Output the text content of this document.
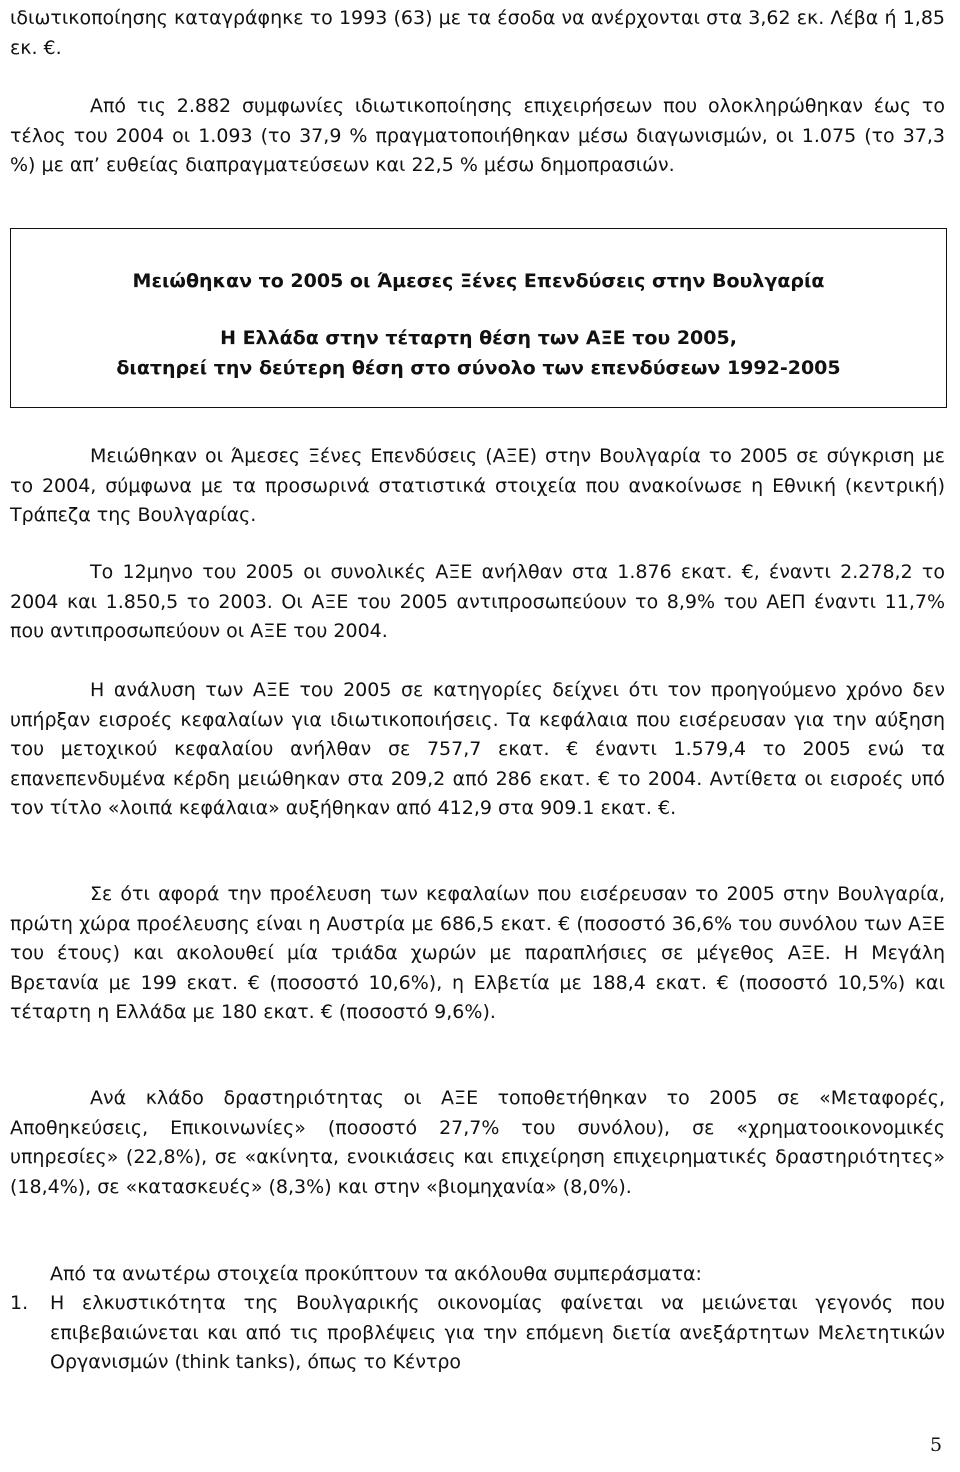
ιδιωτικοποίησης καταγράφηκε το 1993 (63) με τα έσοδα να ανέρχονται στα 3,62 εκ. Λέβα ή 1,85 εκ. €.

Από τις 2.882 συμφωνίες ιδιωτικοποίησης επιχειρήσεων που ολοκληρώθηκαν έως το τέλος του 2004 οι 1.093 (το 37,9 % πραγματοποιήθηκαν μέσω διαγωνισμών, οι 1.075 (το 37,3 %) με απ’ ευθείας διαπραγματεύσεων και 22,5 % μέσω δημοπρασιών.

Μειώθηκαν το 2005 οι Άμεσες Ξένες Επενδύσεις στην Βουλγαρία
Η Ελλάδα στην τέταρτη θέση των ΑΞΕ του 2005,
διατηρεί την δεύτερη θέση στο σύνολο των επενδύσεων 1992-2005

Μειώθηκαν οι Άμεσες Ξένες Επενδύσεις (ΑΞΕ) στην Βουλγαρία το 2005 σε σύγκριση με το 2004, σύμφωνα με τα προσωρινά στατιστικά στοιχεία που ανακοίνωσε η Εθνική (κεντρική) Τράπεζα της Βουλγαρίας.

Το 12μηνο του 2005 οι συνολικές ΑΞΕ ανήλθαν στα 1.876 εκατ. €, έναντι 2.278,2 το 2004 και 1.850,5 το 2003. Οι ΑΞΕ του 2005 αντιπροσωπεύουν το 8,9% του ΑΕΠ έναντι 11,7% που αντιπροσωπεύουν οι ΑΞΕ του 2004.

Η ανάλυση των ΑΞΕ του 2005 σε κατηγορίες δείχνει ότι τον προηγούμενο χρόνο δεν υπήρξαν εισροές κεφαλαίων για ιδιωτικοποιήσεις. Τα κεφάλαια που εισέρευσαν για την αύξηση του μετοχικού κεφαλαίου ανήλθαν σε 757,7 εκατ. € έναντι 1.579,4 το 2005 ενώ τα επανεπενδυμένα κέρδη μειώθηκαν στα 209,2 από 286 εκατ. € το 2004. Αντίθετα οι εισροές υπό τον τίτλο «λοιπά κεφάλαια» αυξήθηκαν από 412,9 στα 909.1 εκατ. €.

Σε ότι αφορά την προέλευση των κεφαλαίων που εισέρευσαν το 2005 στην Βουλγαρία, πρώτη χώρα προέλευσης είναι η Αυστρία με 686,5 εκατ. € (ποσοστό 36,6% του συνόλου των ΑΞΕ του έτους) και ακολουθεί μία τριάδα χωρών με παραπλήσιες σε μέγεθος ΑΞΕ. Η Μεγάλη Βρετανία με 199 εκατ. € (ποσοστό 10,6%), η Ελβετία με 188,4 εκατ. € (ποσοστό 10,5%) και τέταρτη η Ελλάδα με 180 εκατ. € (ποσοστό 9,6%).

Ανά κλάδο δραστηριότητας οι ΑΞΕ τοποθετήθηκαν το 2005 σε «Μεταφορές, Αποθηκεύσεις, Επικοινωνίες» (ποσοστό 27,7% του συνόλου), σε «χρηματοοικονομικές υπηρεσίες» (22,8%), σε «ακίνητα, ενοικιάσεις και επιχείρηση επιχειρηματικές δραστηριότητες» (18,4%), σε «κατασκευές» (8,3%) και στην «βιομηχανία» (8,0%).

Από τα ανωτέρω στοιχεία προκύπτουν τα ακόλουθα συμπεράσματα:

1. Η ελκυστικότητα της Βουλγαρικής οικονομίας φαίνεται να μειώνεται γεγονός που επιβεβαιώνεται και από τις προβλέψεις για την επόμενη διετία ανεξάρτητων Μελετητικών Οργανισμών (think tanks), όπως το Κέντρο
5
